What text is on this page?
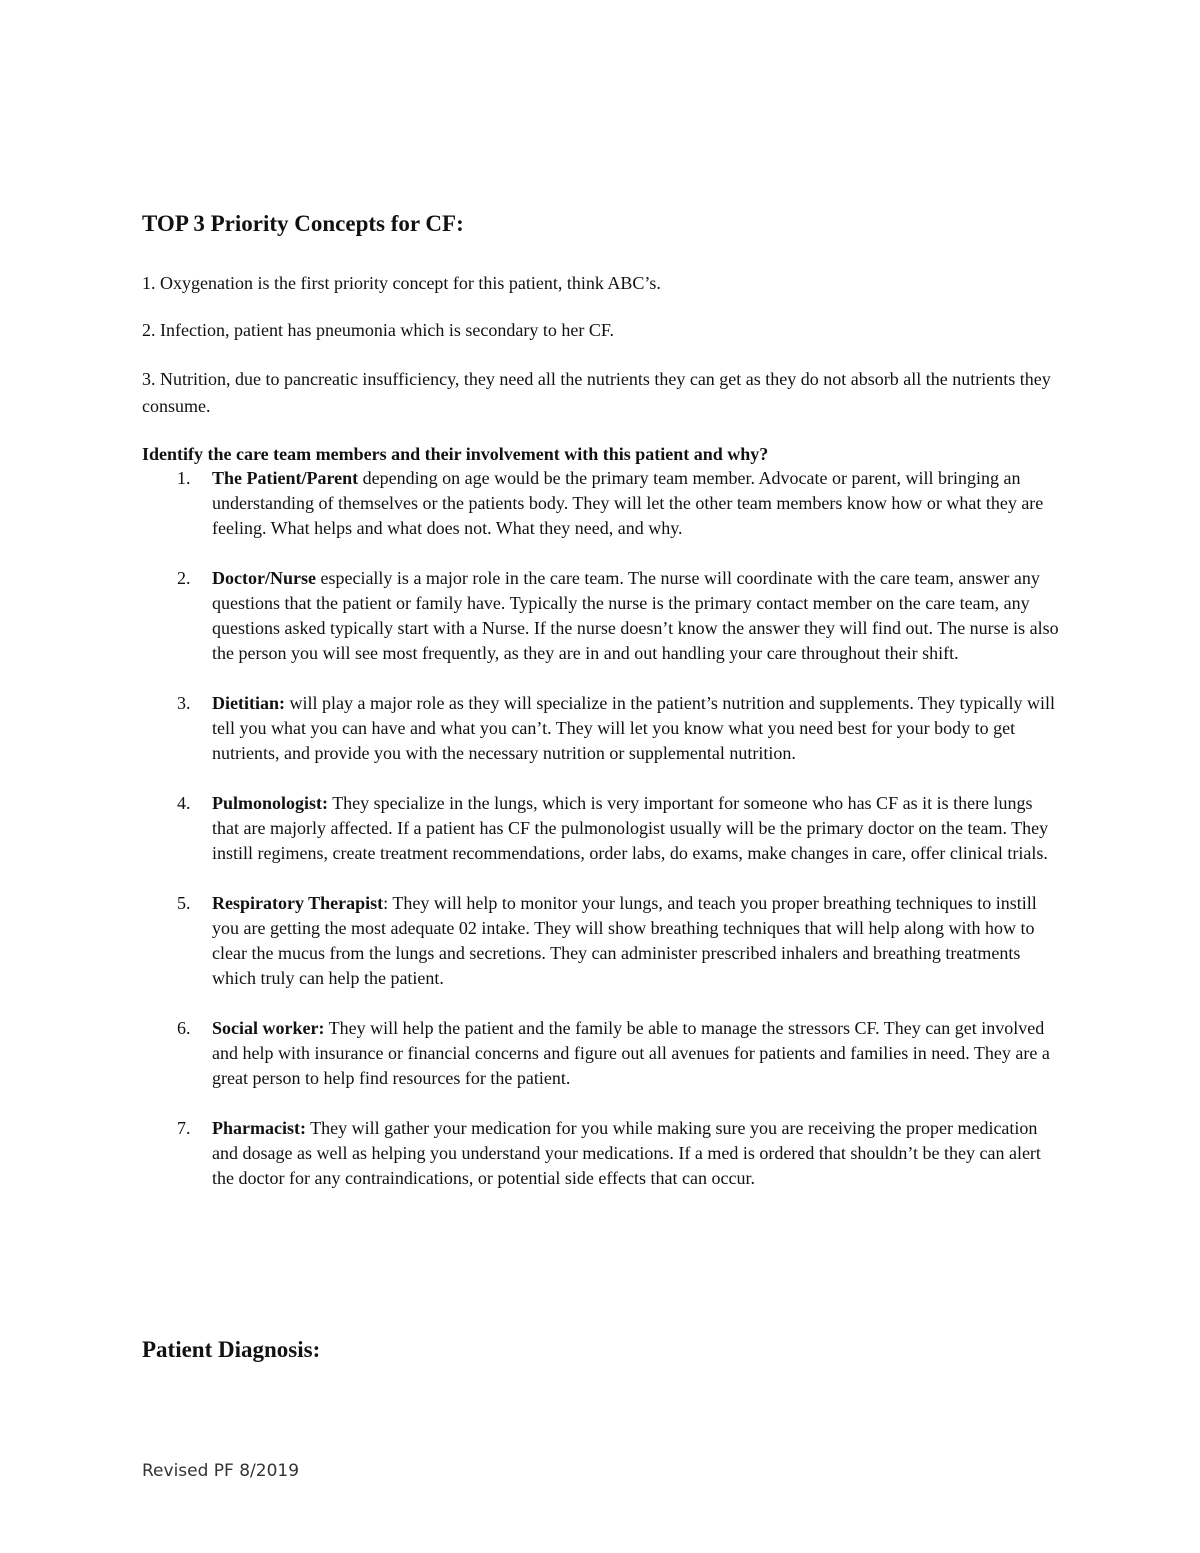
TOP 3 Priority Concepts for CF:

1. Oxygenation is the first priority concept for this patient, think ABC’s.

2. Infection, patient has pneumonia which is secondary to her CF.

3. Nutrition, due to pancreatic insufficiency, they need all the nutrients they can get as they do not absorb all the nutrients they consume.

Identify the care team members and their involvement with this patient and why?

1. The Patient/Parent depending on age would be the primary team member. Advocate or parent, will bringing an understanding of themselves or the patients body. They will let the other team members know how or what they are feeling. What helps and what does not. What they need, and why.
2. Doctor/Nurse especially is a major role in the care team. The nurse will coordinate with the care team, answer any questions that the patient or family have. Typically the nurse is the primary contact member on the care team, any questions asked typically start with a Nurse. If the nurse doesn’t know the answer they will find out. The nurse is also the person you will see most frequently, as they are in and out handling your care throughout their shift.
3. Dietitian: will play a major role as they will specialize in the patient’s nutrition and supplements. They typically will tell you what you can have and what you can’t. They will let you know what you need best for your body to get nutrients, and provide you with the necessary nutrition or supplemental nutrition.
4. Pulmonologist: They specialize in the lungs, which is very important for someone who has CF as it is there lungs that are majorly affected. If a patient has CF the pulmonologist usually will be the primary doctor on the team. They instill regimens, create treatment recommendations, order labs, do exams, make changes in care, offer clinical trials.
5. Respiratory Therapist: They will help to monitor your lungs, and teach you proper breathing techniques to instill you are getting the most adequate 02 intake. They will show breathing techniques that will help along with how to clear the mucus from the lungs and secretions. They can administer prescribed inhalers and breathing treatments which truly can help the patient.
6. Social worker: They will help the patient and the family be able to manage the stressors CF. They can get involved and help with insurance or financial concerns and figure out all avenues for patients and families in need. They are a great person to help find resources for the patient.
7. Pharmacist: They will gather your medication for you while making sure you are receiving the proper medication and dosage as well as helping you understand your medications. If a med is ordered that shouldn’t be they can alert the doctor for any contraindications, or potential side effects that can occur.
Patient Diagnosis:
Revised PF 8/2019
